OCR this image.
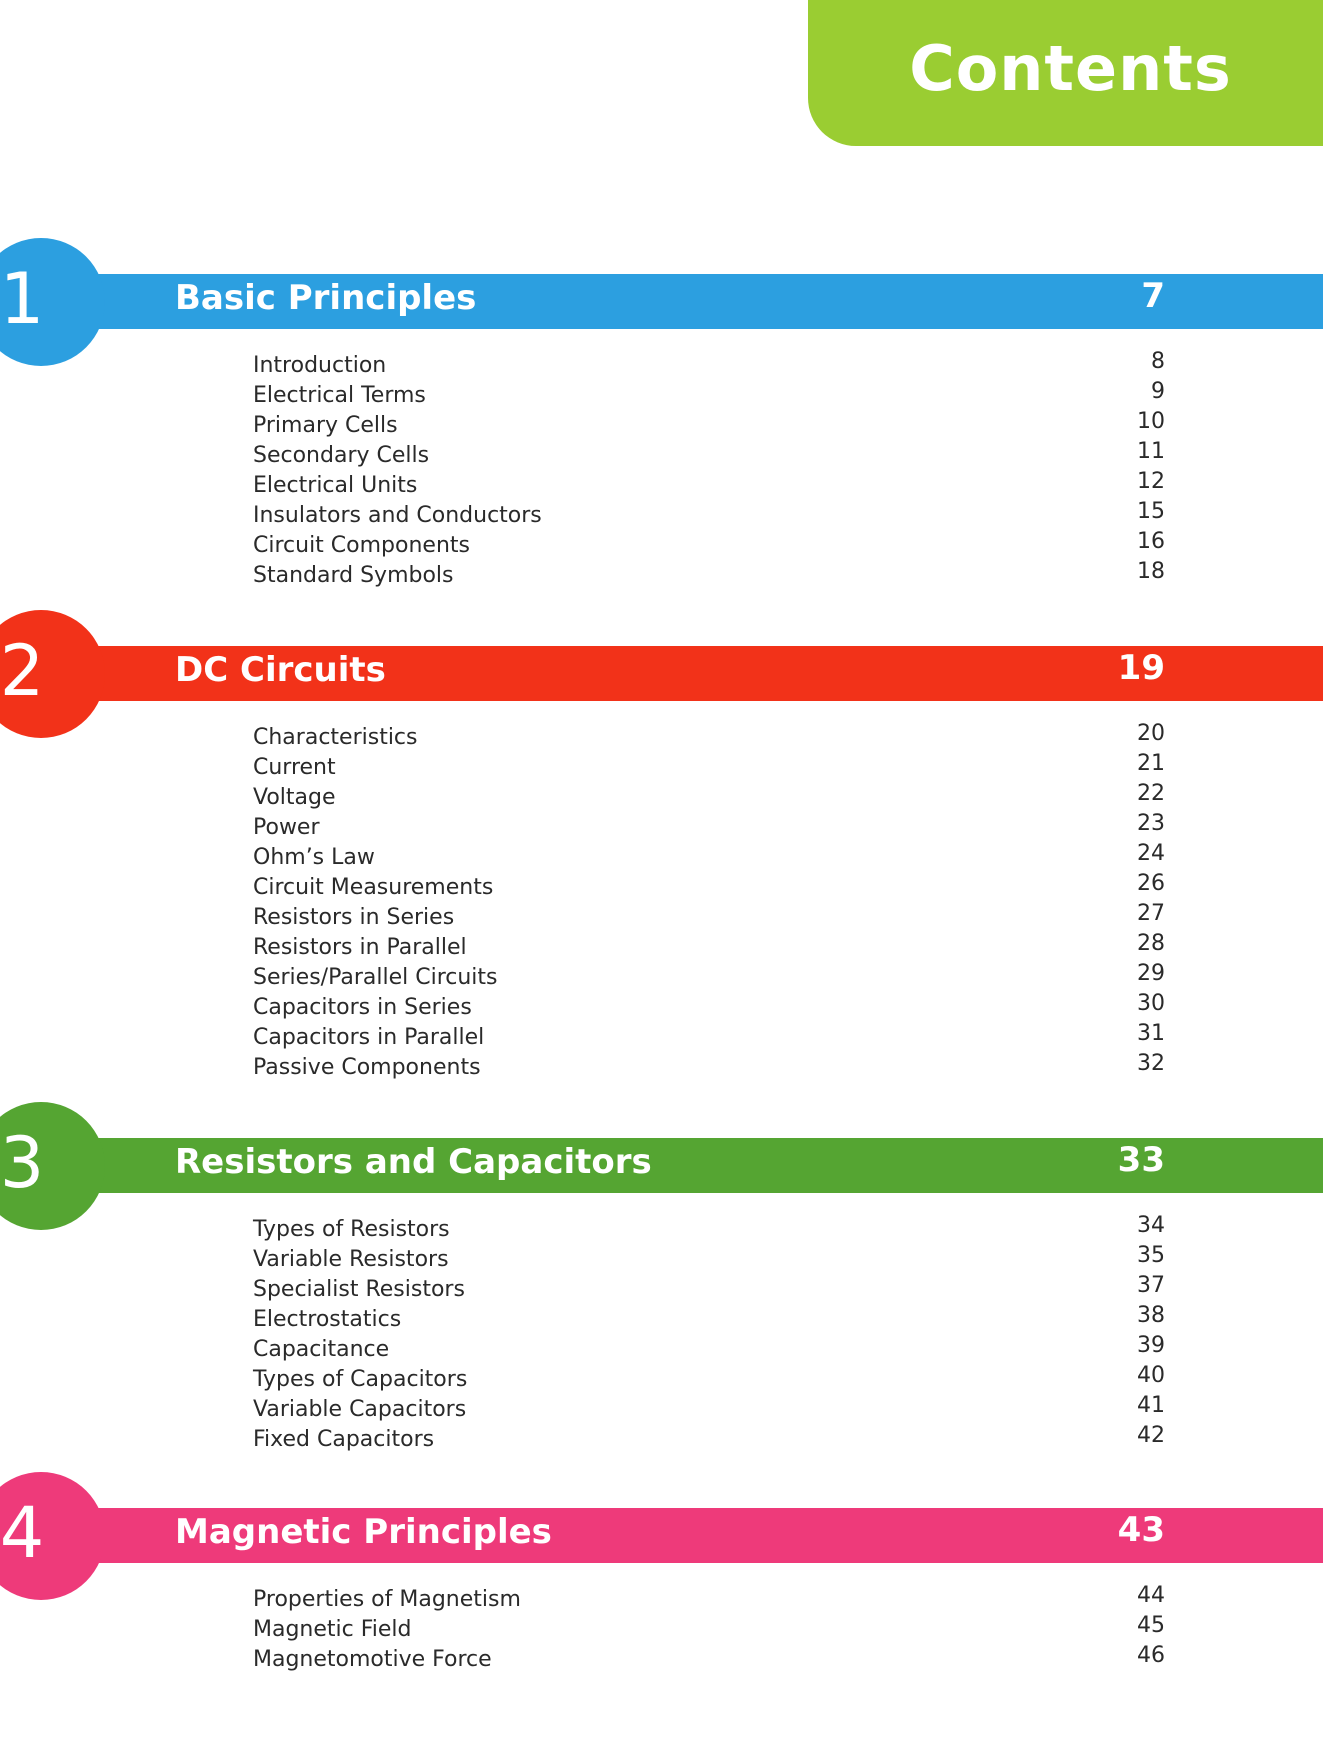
Contents
1	Basic Principles	7
Introduction	8
Electrical Terms	9
Primary Cells	10
Secondary Cells	11
Electrical Units	12
Insulators and Conductors	15
Circuit Components	16
Standard Symbols	18
2	DC Circuits	19
Characteristics	20
Current	21
Voltage	22
Power	23
Ohm’s Law	24
Circuit Measurements	26
Resistors in Series	27
Resistors in Parallel	28
Series/Parallel Circuits	29
Capacitors in Series	30
Capacitors in Parallel	31
Passive Components	32
3	Resistors and Capacitors	33
Types of Resistors	34
Variable Resistors	35
Specialist Resistors	37
Electrostatics	38
Capacitance	39
Types of Capacitors	40
Variable Capacitors	41
Fixed Capacitors	42
4	Magnetic Principles	43
Properties of Magnetism	44
Magnetic Field	45
Magnetomotive Force	46
